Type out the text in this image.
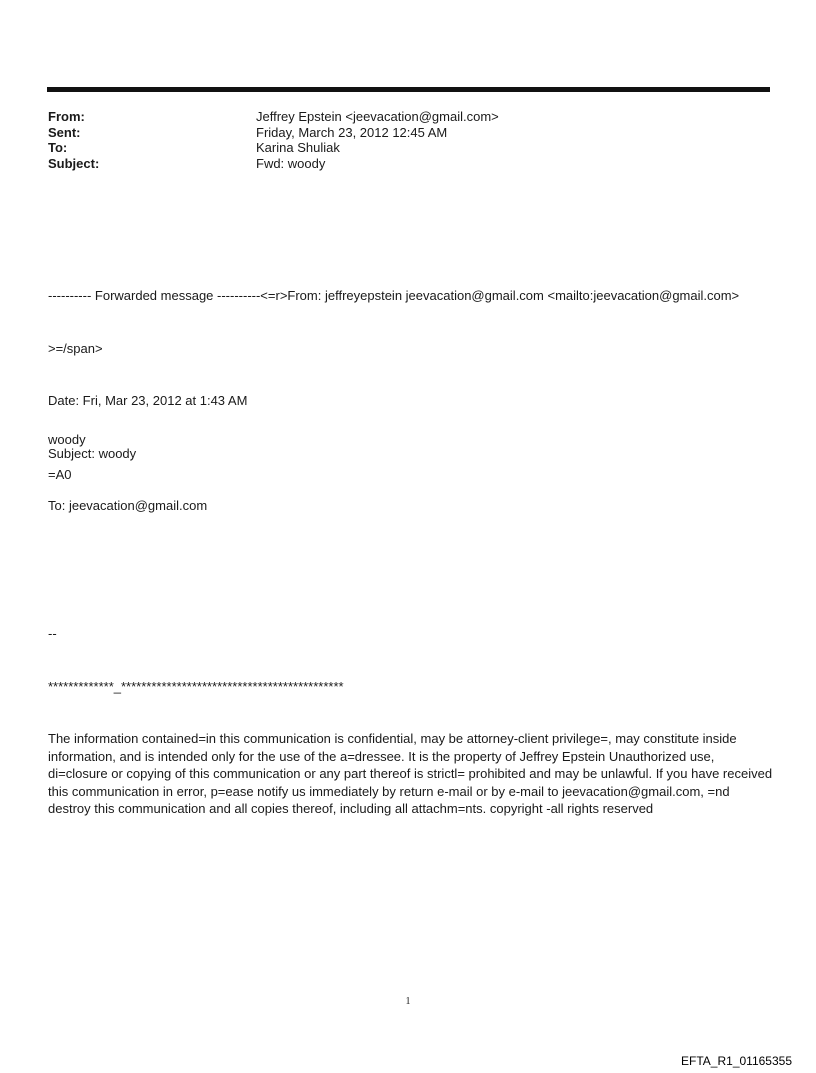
From:	Jeffrey Epstein <jeevacation@gmail.com>
Sent:	Friday, March 23, 2012 12:45 AM
To:	Karina Shuliak
Subject:	Fwd: woody

---------- Forwarded message ----------<=r>From: jeffreyepstein jeevacation@gmail.com <mailto:jeevacation@gmail.com>

>=/span>

Date: Fri, Mar 23, 2012 at 1:43 AM

Subject: woody

To: jeevacation@gmail.com

woody
=A0

--

*************_********************************************

The information contained=in this communication is confidential, may be attorney-client privilege=, may constitute inside information, and is intended only for the use of the a=dressee. It is the property of Jeffrey Epstein Unauthorized use, di=closure or copying of this communication or any part thereof is strictl= prohibited and may be unlawful. If you have received this communication in error, p=ease notify us immediately by return e-mail or by e-mail to jeevacation@gmail.com, =nd destroy this communication and all copies thereof, including all attachm=nts. copyright -all rights reserved

1
EFTA_R1_01165355
